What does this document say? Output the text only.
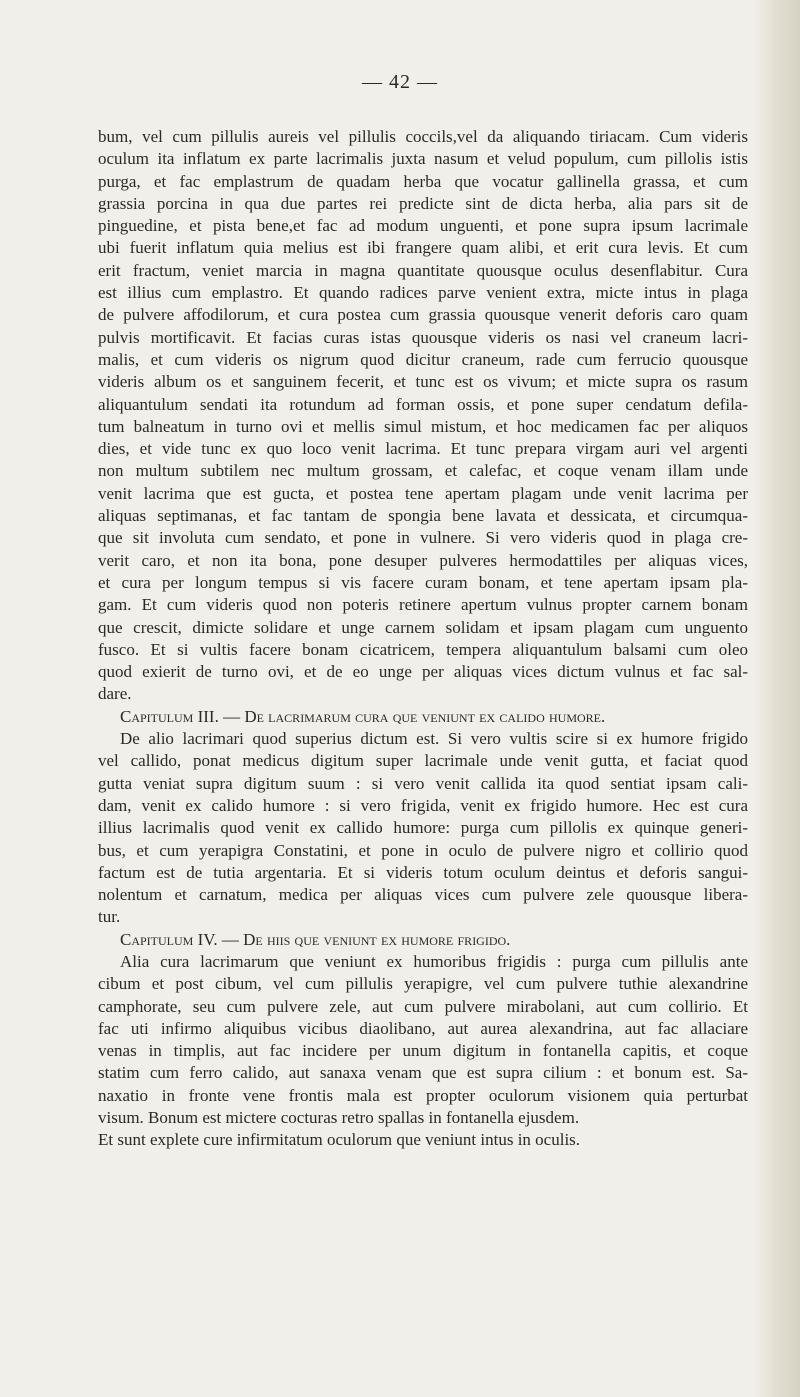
— 42 —
bum, vel cum pillulis aureis vel pillulis coccils,vel da aliquando tiriacam. Cum videris
oculum ita inflatum ex parte lacrimalis juxta nasum et velud populum, cum pillolis istis
purga, et fac emplastrum de quadam herba que vocatur gallinella grassa, et cum
grassia porcina in qua due partes rei predicte sint de dicta herba, alia pars sit de
pinguedine, et pista bene,et fac ad modum unguenti, et pone supra ipsum lacrimale
ubi fuerit inflatum quia melius est ibi frangere quam alibi, et erit cura levis. Et cum
erit fractum, veniet marcia in magna quantitate quousque oculus desenflabitur. Cura
est illius cum emplastro. Et quando radices parve venient extra, micte intus in plaga
de pulvere affodilorum, et cura postea cum grassia quousque venerit deforis caro quam
pulvis mortificavit. Et facias curas istas quousque videris os nasi vel craneum lacri-
malis, et cum videris os nigrum quod dicitur craneum, rade cum ferrucio quousque
videris album os et sanguinem fecerit, et tunc est os vivum; et micte supra os rasum
aliquantulum sendati ita rotundum ad forman ossis, et pone super cendatum defila-
tum balneatum in turno ovi et mellis simul mistum, et hoc medicamen fac per aliquos
dies, et vide tunc ex quo loco venit lacrima. Et tunc prepara virgam auri vel argenti
non multum subtilem nec multum grossam, et calefac, et coque venam illam unde
venit lacrima que est gucta, et postea tene apertam plagam unde venit lacrima per
aliquas septimanas, et fac tantam de spongia bene lavata et dessicata, et circumqua-
que sit involuta cum sendato, et pone in vulnere. Si vero videris quod in plaga cre-
verit caro, et non ita bona, pone desuper pulveres hermodattiles per aliquas vices,
et cura per longum tempus si vis facere curam bonam, et tene apertam ipsam pla-
gam. Et cum videris quod non poteris retinere apertum vulnus propter carnem bonam
que crescit, dimicte solidare et unge carnem solidam et ipsam plagam cum unguento
fusco. Et si vultis facere bonam cicatricem, tempera aliquantulum balsami cum oleo
quod exierit de turno ovi, et de eo unge per aliquas vices dictum vulnus et fac sal-
dare.
Capitulum III. — De lacrimarum cura que veniunt ex calido humore.
De alio lacrimari quod superius dictum est. Si vero vultis scire si ex humore frigido
vel callido, ponat medicus digitum super lacrimale unde venit gutta, et faciat quod
gutta veniat supra digitum suum : si vero venit callida ita quod sentiat ipsam cali-
dam, venit ex calido humore : si vero frigida, venit ex frigido humore. Hec est cura
illius lacrimalis quod venit ex callido humore: purga cum pillolis ex quinque generi-
bus, et cum yerapigra Constatini, et pone in oculo de pulvere nigro et collirio quod
factum est de tutia argentaria. Et si videris totum oculum deintus et deforis sangui-
nolentum et carnatum, medica per aliquas vices cum pulvere zele quousque libera-
tur.
Capitulum IV. — De hiis que veniunt ex humore frigido.
Alia cura lacrimarum que veniunt ex humoribus frigidis : purga cum pillulis ante
cibum et post cibum, vel cum pillulis yerapigre, vel cum pulvere tuthie alexandrine
camphorate, seu cum pulvere zele, aut cum pulvere mirabolani, aut cum collirio. Et
fac uti infirmo aliquibus vicibus diaolibano, aut aurea alexandrina, aut fac allaciare
venas in timplis, aut fac incidere per unum digitum in fontanella capitis, et coque
statim cum ferro calido, aut sanaxa venam que est supra cilium : et bonum est. Sa-
naxatio in fronte vene frontis mala est propter oculorum visionem quia perturbat
visum. Bonum est mictere cocturas retro spallas in fontanella ejusdem.
Et sunt explete cure infirmitatum oculorum que veniunt intus in oculis.
